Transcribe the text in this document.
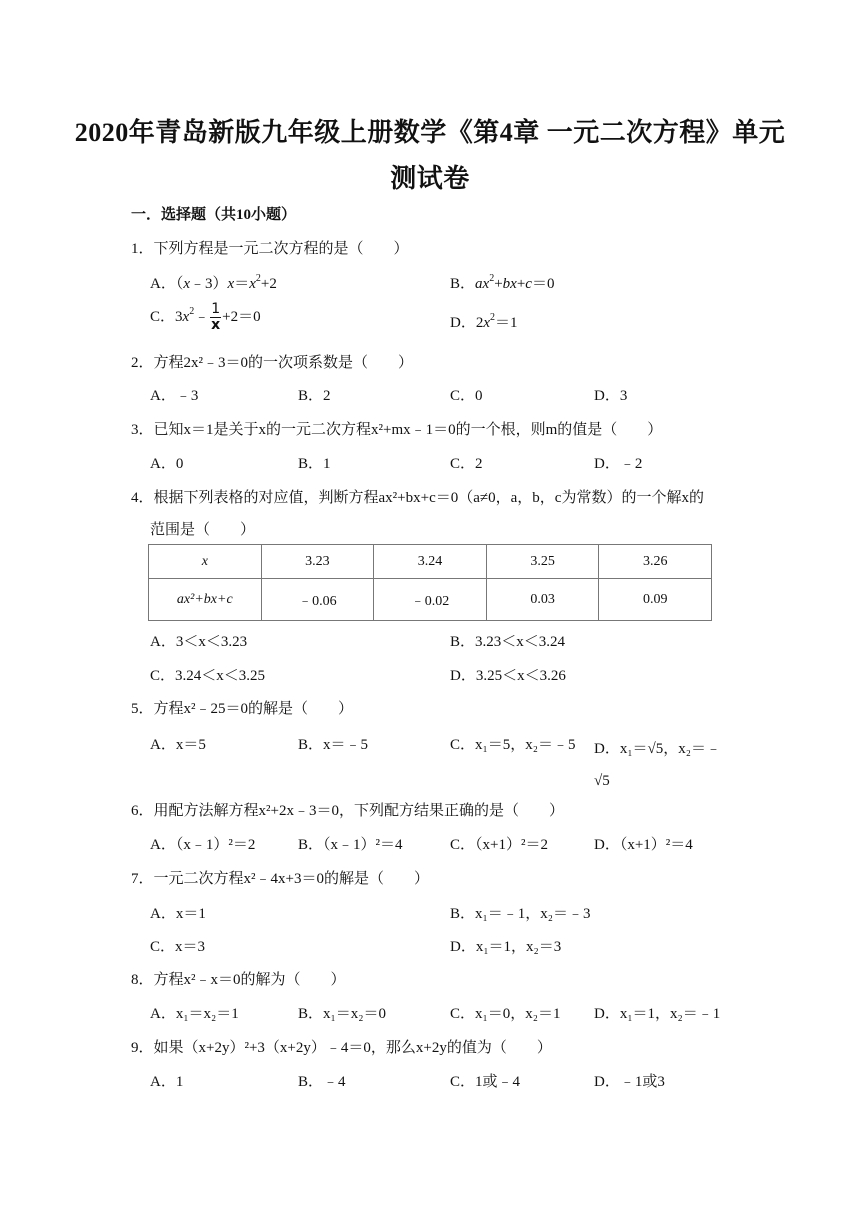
2020年青岛新版九年级上册数学《第4章 一元二次方程》单元
测试卷
一．选择题（共10小题）
1．下列方程是一元二次方程的是（　　）
A．$(x﹣3)x=x^2+2$	B．$ax^2+bx+c=0$
C．$3x^2﹣ \frac{1}{x} +2=0$	D．$2x^2=1$
2．方程2x²﹣3＝0的一次项系数是（　　）
A．﹣3	B．2	C．0	D．3
3．已知x＝1是关于x的一元二次方程x²+mx﹣1＝0的一个根，则m的值是（　　）
A．0	B．1	C．2	D．﹣2
4．根据下列表格的对应值，判断方程ax²+bx+c＝0（a≠0，a，b，c为常数）的一个解x的
范围是（　　）
x	3.23	3.24	3.25	3.26
ax²+bx+c	﹣0.06	﹣0.02	0.03	0.09
A．3＜x＜3.23	B．3.23＜x＜3.24
C．3.24＜x＜3.25	D．3.25＜x＜3.26
5．方程x²﹣25＝0的解是（　　）
A．x＝5	B．x＝﹣5	C．x₁＝5，x₂＝﹣5 D．x₁＝√5，x₂＝﹣√5
6．用配方法解方程x²+2x﹣3＝0，下列配方结果正确的是（　　）
A．（x﹣1）²＝2	B．（x﹣1）²＝4	C．（x+1）²＝2	D．（x+1）²＝4
7．一元二次方程x²﹣4x+3＝0的解是（　　）
A．x＝1	B．x₁＝﹣1，x₂＝﹣3
C．x＝3	D．x₁＝1，x₂＝3
8．方程x²﹣x＝0的解为（　　）
A．x₁＝x₂＝1	B．x₁＝x₂＝0	C．x₁＝0，x₂＝1 D．x₁＝1，x₂＝﹣1
9．如果（x+2y）²+3（x+2y）﹣4＝0，那么x+2y的值为（　　）
A．1	B．﹣4	C．1或﹣4	D．﹣1或3
